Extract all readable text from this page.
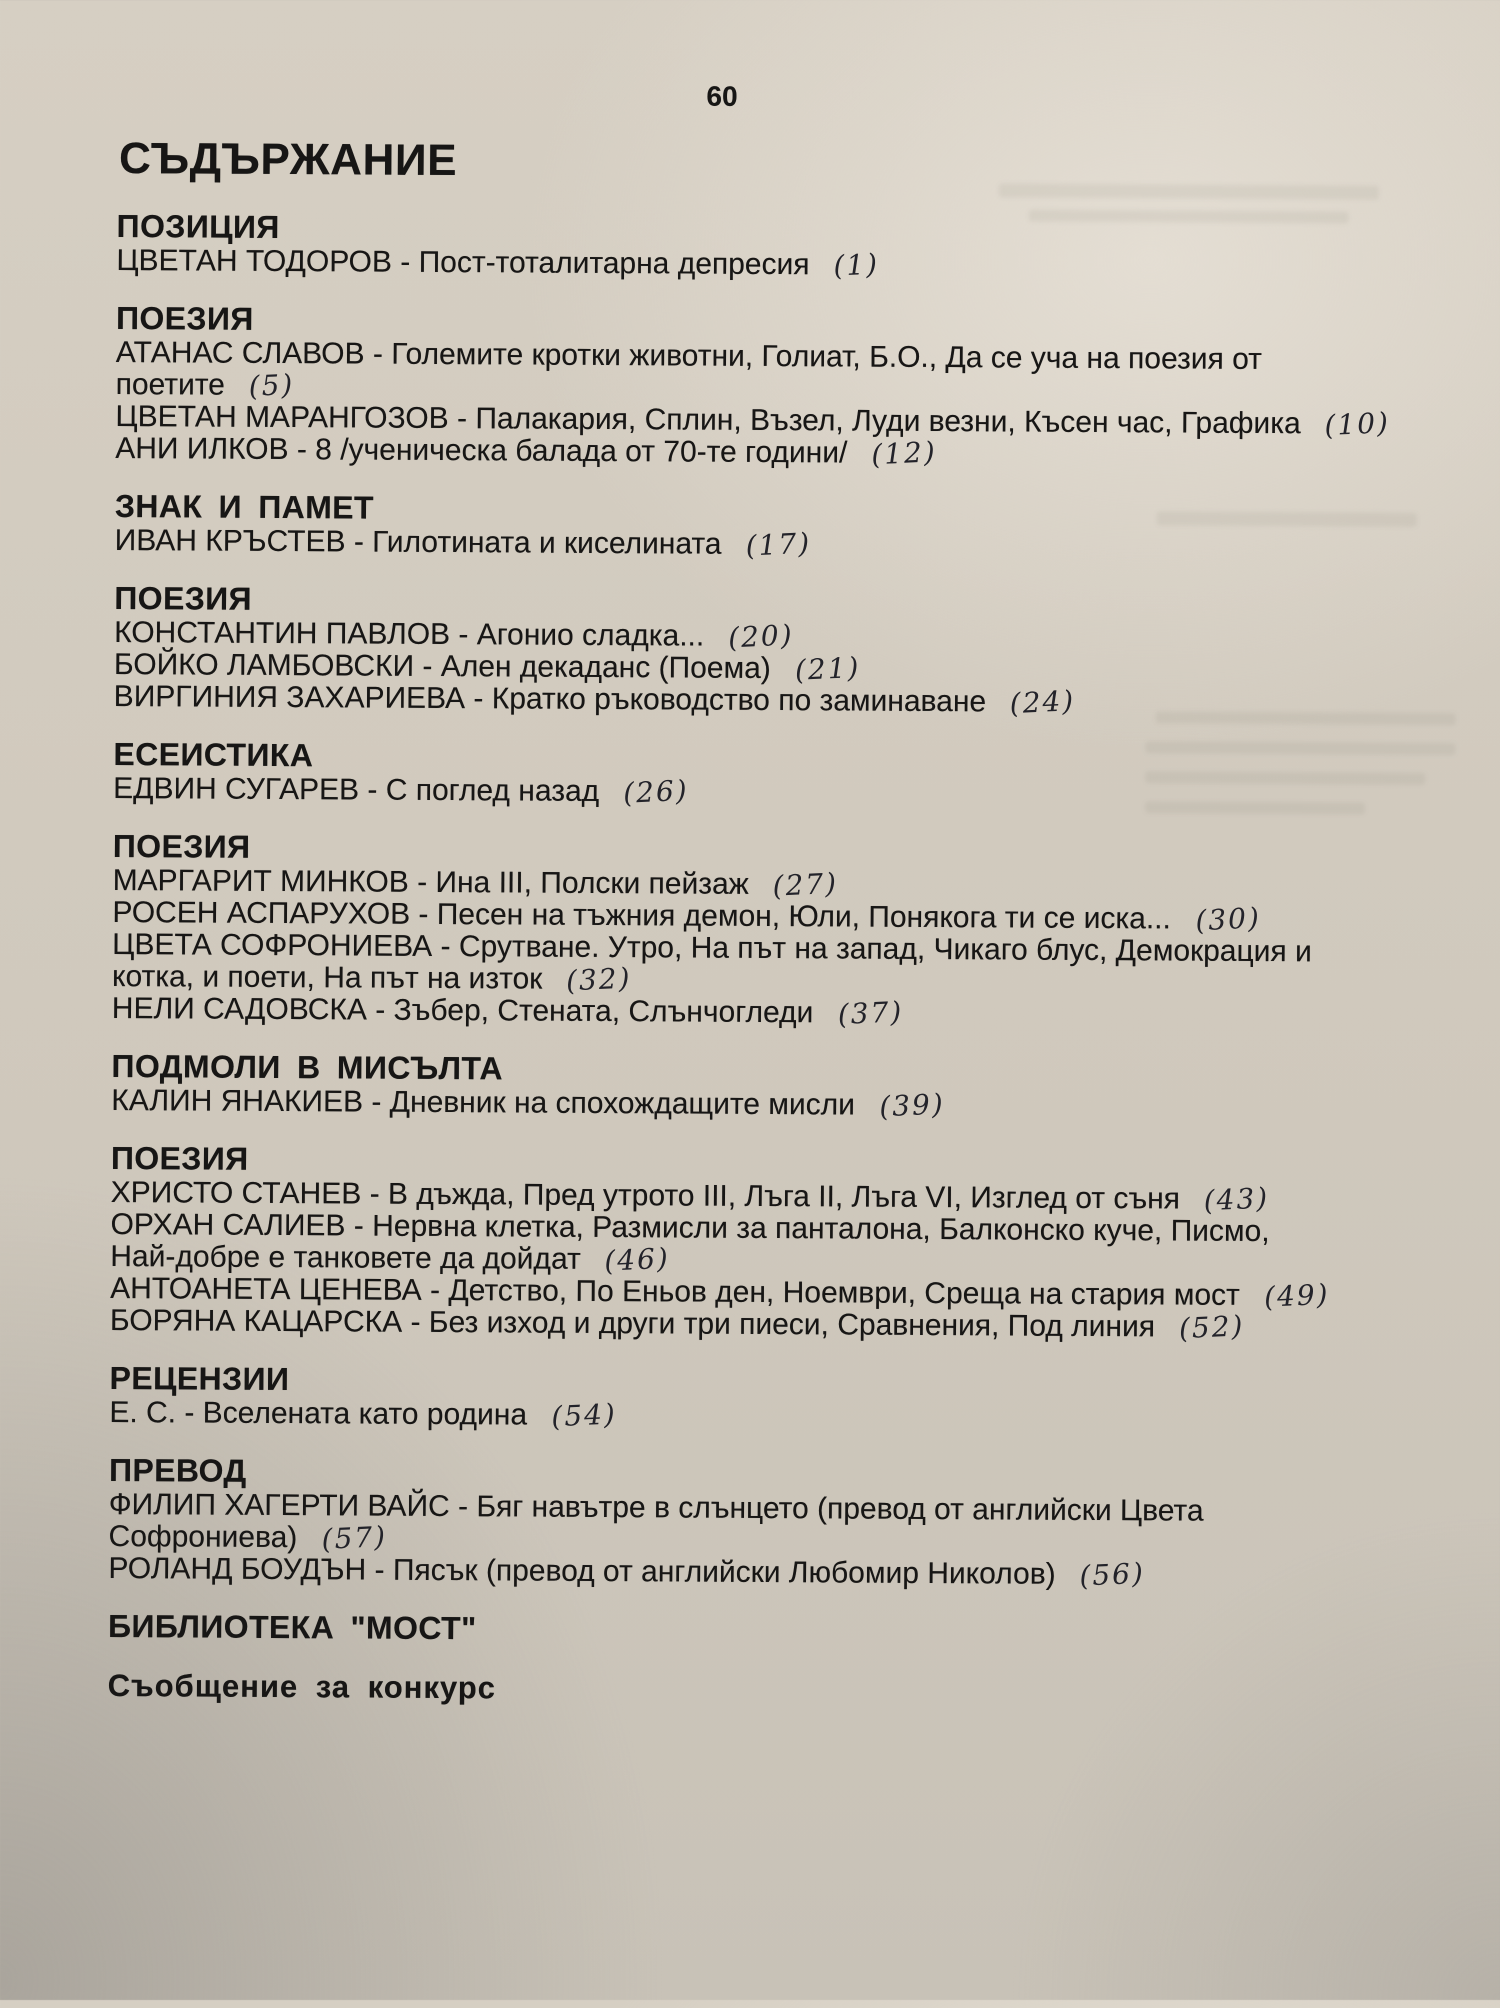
60
СЪДЪРЖАНИЕ
ПОЗИЦИЯ
ЦВЕТАН ТОДОРОВ - Пост-тоталитарна депресия (1)
ПОЕЗИЯ
АТАНАС СЛАВОВ - Големите кротки животни, Голиат, Б.О., Да се уча на поезия от
поетите (5)
ЦВЕТАН МАРАНГОЗОВ - Палакария, Сплин, Възел, Луди везни, Късен час, Графика (10)
АНИ ИЛКОВ - 8 /ученическа балада от 70-те години/ (12)
ЗНАК И ПАМЕТ
ИВАН КРЪСТЕВ - Гилотината и киселината (17)
ПОЕЗИЯ
КОНСТАНТИН ПАВЛОВ - Агонио сладка... (20)
БОЙКО ЛАМБОВСКИ - Ален декаданс (Поема) (21)
ВИРГИНИЯ ЗАХАРИЕВА - Кратко ръководство по заминаване (24)
ЕСЕИСТИКА
ЕДВИН СУГАРЕВ - С поглед назад (26)
ПОЕЗИЯ
МАРГАРИТ МИНКОВ - Ина III, Полски пейзаж (27)
РОСЕН АСПАРУХОВ - Песен на тъжния демон, Юли, Понякога ти се иска... (30)
ЦВЕТА СОФРОНИЕВА - Срутване. Утро, На път на запад, Чикаго блус, Демокрация и
котка, и поети, На път на изток (32)
НЕЛИ САДОВСКА - Зъбер, Стената, Слънчогледи (37)
ПОДМОЛИ В МИСЪЛТА
КАЛИН ЯНАКИЕВ - Дневник на спохождащите мисли (39)
ПОЕЗИЯ
ХРИСТО СТАНЕВ - В дъжда, Пред утрото III, Лъга II, Лъга VI, Изглед от съня (43)
ОРХАН САЛИЕВ - Нервна клетка, Размисли за панталона, Балконско куче, Писмо,
Най-добре е танковете да дойдат (46)
АНТОАНЕТА ЦЕНЕВА - Детство, По Еньов ден, Ноември, Среща на стария мост (49)
БОРЯНА КАЦАРСКА - Без изход и други три пиеси, Сравнения, Под линия (52)
РЕЦЕНЗИИ
Е. С. - Вселената като родина (54)
ПРЕВОД
ФИЛИП ХАГЕРТИ ВАЙС - Бяг навътре в слънцето (превод от английски Цвета
Софрониева) (57)
РОЛАНД БОУДЪН - Пясък (превод от английски Любомир Николов) (56)
БИБЛИОТЕКА "МОСТ"

Съобщение за конкурс
